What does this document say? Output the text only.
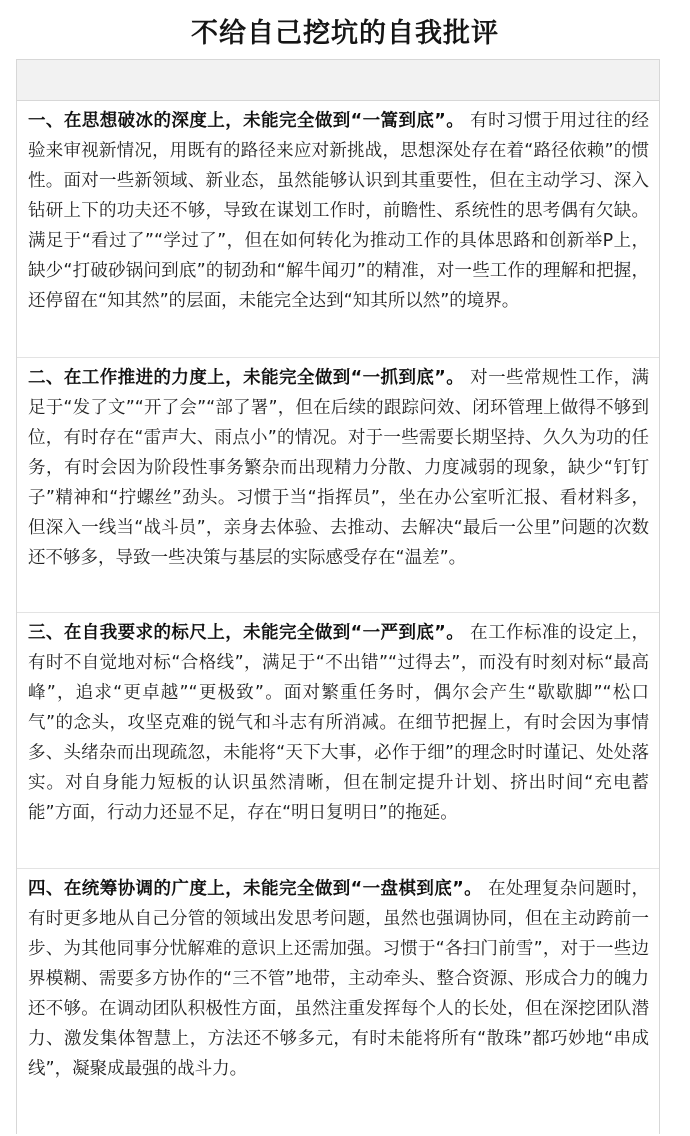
不给自己挖坑的自我批评
一、在思想破冰的深度上，未能完全做到“一篙到底”。 有时习惯于用过往的经验来审视新情况，用既有的路径来应对新挑战，思想深处存在着“路径依赖”的惯性。面对一些新领域、新业态，虽然能够认识到其重要性，但在主动学习、深入钻研上下的功夫还不够，导致在谋划工作时，前瞻性、系统性的思考偶有欠缺。满足于“看过了”“学过了”，但在如何转化为推动工作的具体思路和创新举P上，缺少“打破砂锅问到底”的韧劲和“解牛闻刃”的精准，对一些工作的理解和把握，还停留在“知其然”的层面，未能完全达到“知其所以然”的境界。
二、在工作推进的力度上，未能完全做到“一抓到底”。 对一些常规性工作，满足于“发了文”“开了会”“部了署”，但在后续的跟踪问效、闭环管理上做得不够到位，有时存在“雷声大、雨点小”的情况。对于一些需要长期坚持、久久为功的任务，有时会因为阶段性事务繁杂而出现精力分散、力度减弱的现象，缺少“钉钉子”精神和“拧螺丝”劲头。习惯于当“指挥员”，坐在办公室听汇报、看材料多，但深入一线当“战斗员”，亲身去体验、去推动、去解决“最后一公里”问题的次数还不够多，导致一些决策与基层的实际感受存在“温差”。
三、在自我要求的标尺上，未能完全做到“一严到底”。 在工作标准的设定上，有时不自觉地对标“合格线”，满足于“不出错”“过得去”，而没有时刻对标“最高峰”，追求“更卓越”“更极致”。面对繁重任务时，偶尔会产生“歇歇脚”“松口气”的念头，攻坚克难的锐气和斗志有所消减。在细节把握上，有时会因为事情多、头绪杂而出现疏忽，未能将“天下大事，必作于细”的理念时时谨记、处处落实。对自身能力短板的认识虽然清晰，但在制定提升计划、挤出时间“充电蓄能”方面，行动力还显不足，存在“明日复明日”的拖延。
四、在统筹协调的广度上，未能完全做到“一盘棋到底”。 在处理复杂问题时，有时更多地从自己分管的领域出发思考问题，虽然也强调协同，但在主动跨前一步、为其他同事分忧解难的意识上还需加强。习惯于“各扫门前雪”，对于一些边界模糊、需要多方协作的“三不管”地带，主动牵头、整合资源、形成合力的魄力还不够。在调动团队积极性方面，虽然注重发挥每个人的长处，但在深挖团队潜力、激发集体智慧上，方法还不够多元，有时未能将所有“散珠”都巧妙地“串成线”，凝聚成最强的战斗力。
